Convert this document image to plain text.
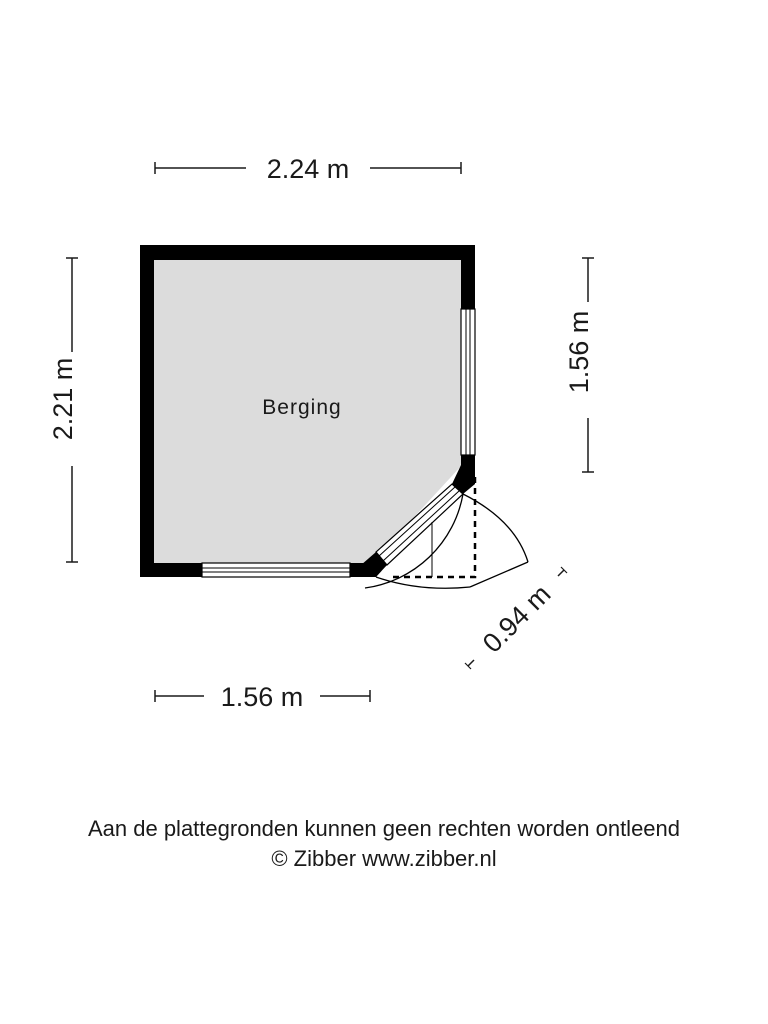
2.24 m
2.21 m
1.56 m
1.56 m
0.94 m
Berging
Aan de plattegronden kunnen geen rechten worden ontleend
© Zibber www.zibber.nl
